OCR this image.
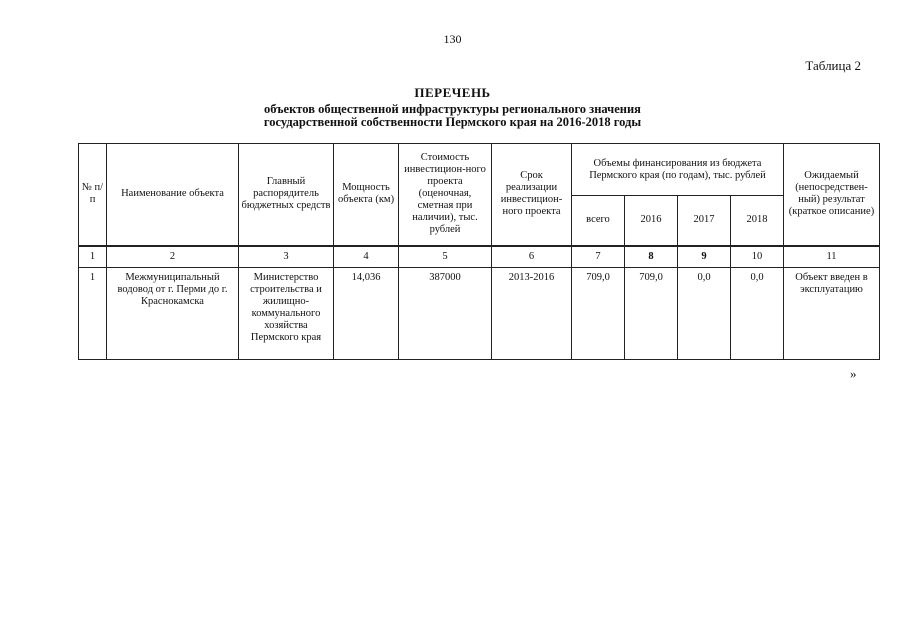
130
Таблица 2
ПЕРЕЧЕНЬ
объектов общественной инфраструктуры регионального значения
государственной собственности Пермского края на 2016-2018 годы
№ п/п	Наименование объекта	Главный распорядитель бюджетных средств	Мощность объекта (км)	Стоимость инвестицион-ного проекта (оценочная, сметная при наличии), тыс. рублей	Срок реализации инвестицион-ного проекта	Объемы финансирования из бюджета Пермского края (по годам), тыс. рублей				Ожидаемый (непосредствен-ный) результат (краткое описание)
						всего	2016	2017	2018	
1	2	3	4	5	6	7	8	9	10	11
1	Межмуниципальный водовод от г. Перми до г. Краснокамска	Министерство строительства и жилищно-коммунального хозяйства Пермского края	14,036	387000	2013-2016	709,0	709,0	0,0	0,0	Объект введен в эксплуатацию
»
